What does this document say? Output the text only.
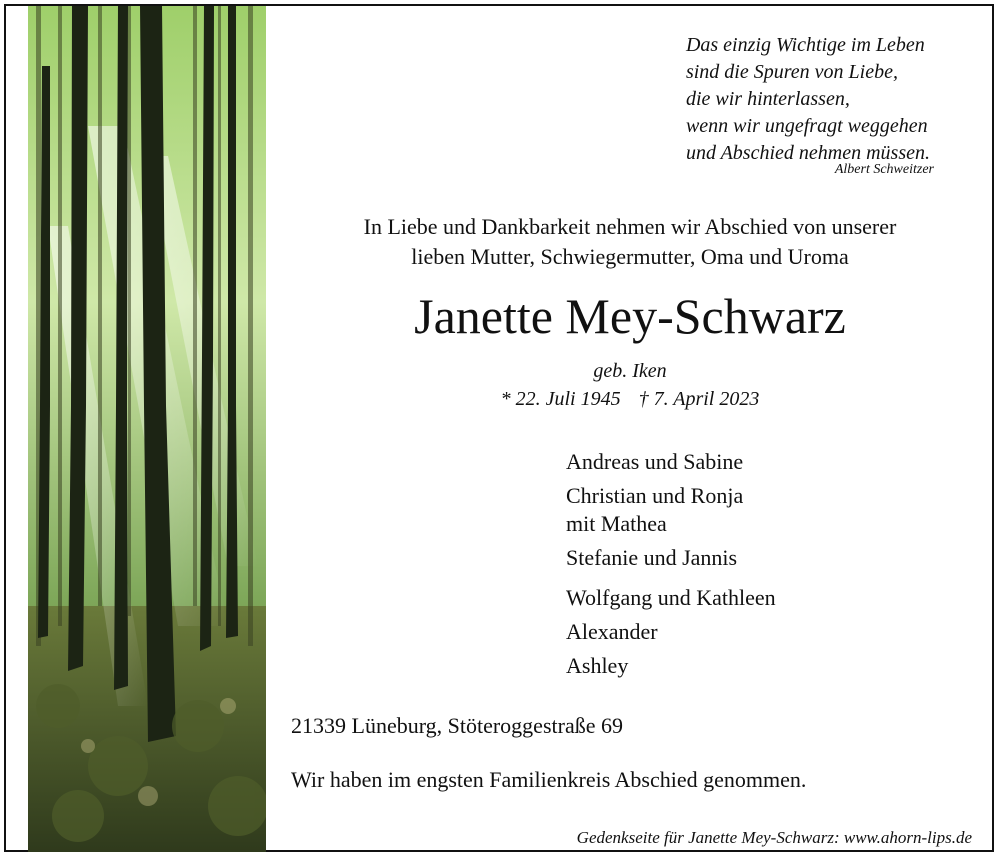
Das einzig Wichtige im Leben
sind die Spuren von Liebe,
die wir hinterlassen,
wenn wir ungefragt weggehen
und Abschied nehmen müssen.
Albert Schweitzer
In Liebe und Dankbarkeit nehmen wir Abschied von unserer
lieben Mutter, Schwiegermutter, Oma und Uroma
Janette Mey-Schwarz
geb. Iken
* 22. Juli 1945 † 7. April 2023
Andreas und Sabine
Christian und Ronja
mit Mathea
Stefanie und Jannis
Wolfgang und Kathleen
Alexander
Ashley
21339 Lüneburg, Stöteroggestraße 69
Wir haben im engsten Familienkreis Abschied genommen.
Gedenkseite für Janette Mey-Schwarz: www.ahorn-lips.de
